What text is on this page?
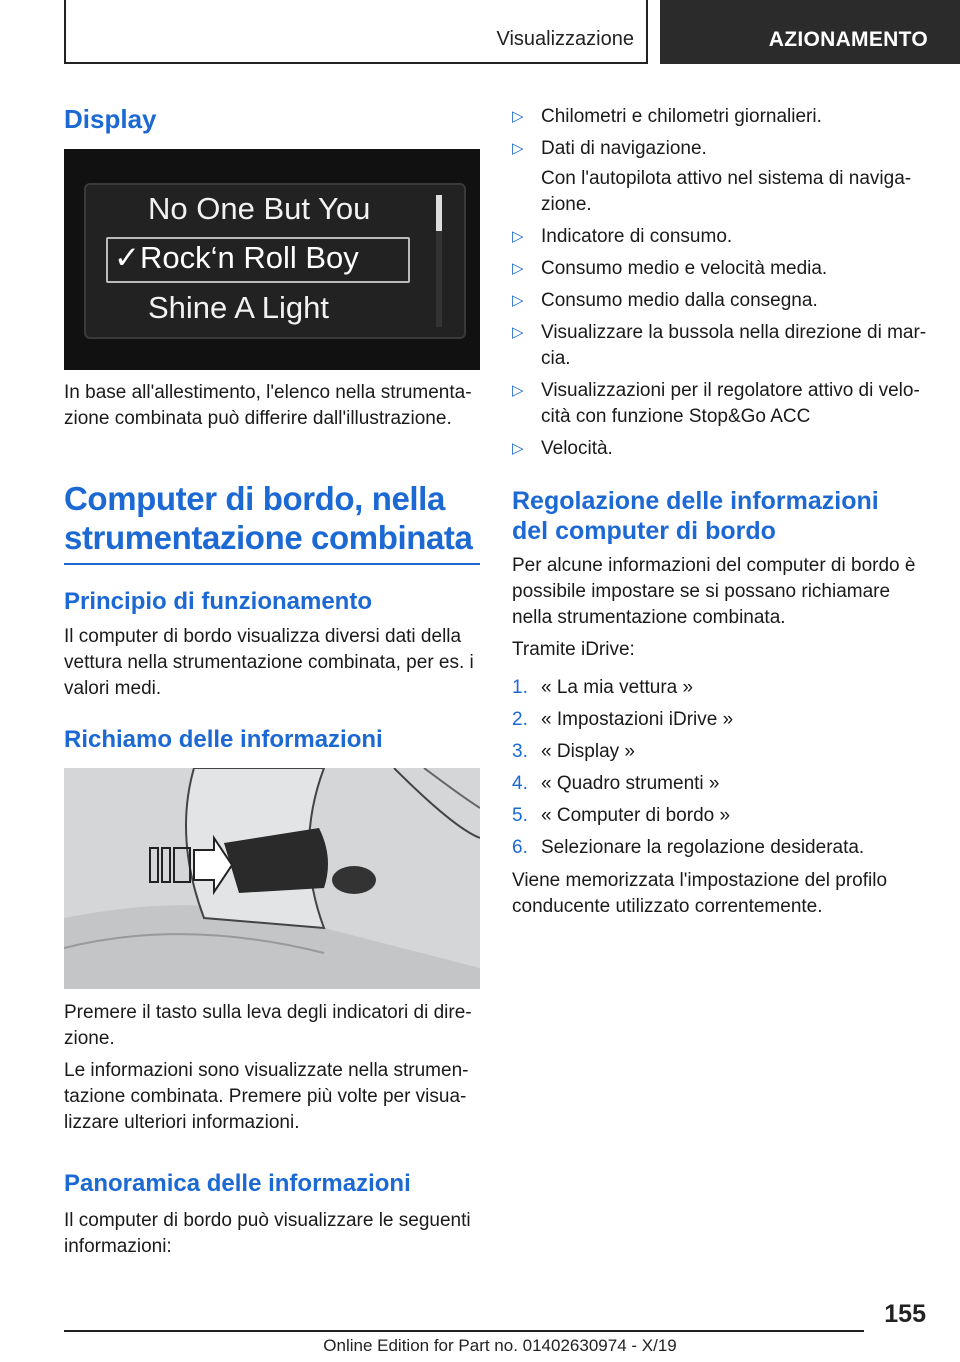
Visualizzazione	AZIONAMENTO
Display
No One But You
✓Rock‘n Roll Boy
Shine A Light

In base all'allestimento, l'elenco nella strumenta‐zione combinata può differire dall'illustrazione.

Computer di bordo, nella
strumentazione combinata
Principio di funzionamento

Il computer di bordo visualizza diversi dati della vettura nella strumentazione combinata, per es. i valori medi.

Richiamo delle informazioni

Premere il tasto sulla leva degli indicatori di dire‐zione.

Le informazioni sono visualizzate nella strumen‐tazione combinata. Premere più volte per visua‐lizzare ulteriori informazioni.

Panoramica delle informazioni

Il computer di bordo può visualizzare le seguenti informazioni:

▷ Chilometri e chilometri giornalieri.
▷ Dati di navigazione.
Con l'autopilota attivo nel sistema di naviga‐zione.
▷ Indicatore di consumo.
▷ Consumo medio e velocità media.
▷ Consumo medio dalla consegna.
▷ Visualizzare la bussola nella direzione di mar‐cia.
▷ Visualizzazioni per il regolatore attivo di velo‐cità con funzione Stop&Go ACC
▷ Velocità.
Regolazione delle informazioni
del computer di bordo

Per alcune informazioni del computer di bordo è possibile impostare se si possano richiamare nella strumentazione combinata.

Tramite iDrive:

1. « La mia vettura »
2. « Impostazioni iDrive »
3. « Display »
4. « Quadro strumenti »
5. « Computer di bordo »
6. Selezionare la regolazione desiderata.

Viene memorizzata l'impostazione del profilo conducente utilizzato correntemente.

155
Online Edition for Part no. 01402630974 - X/19
